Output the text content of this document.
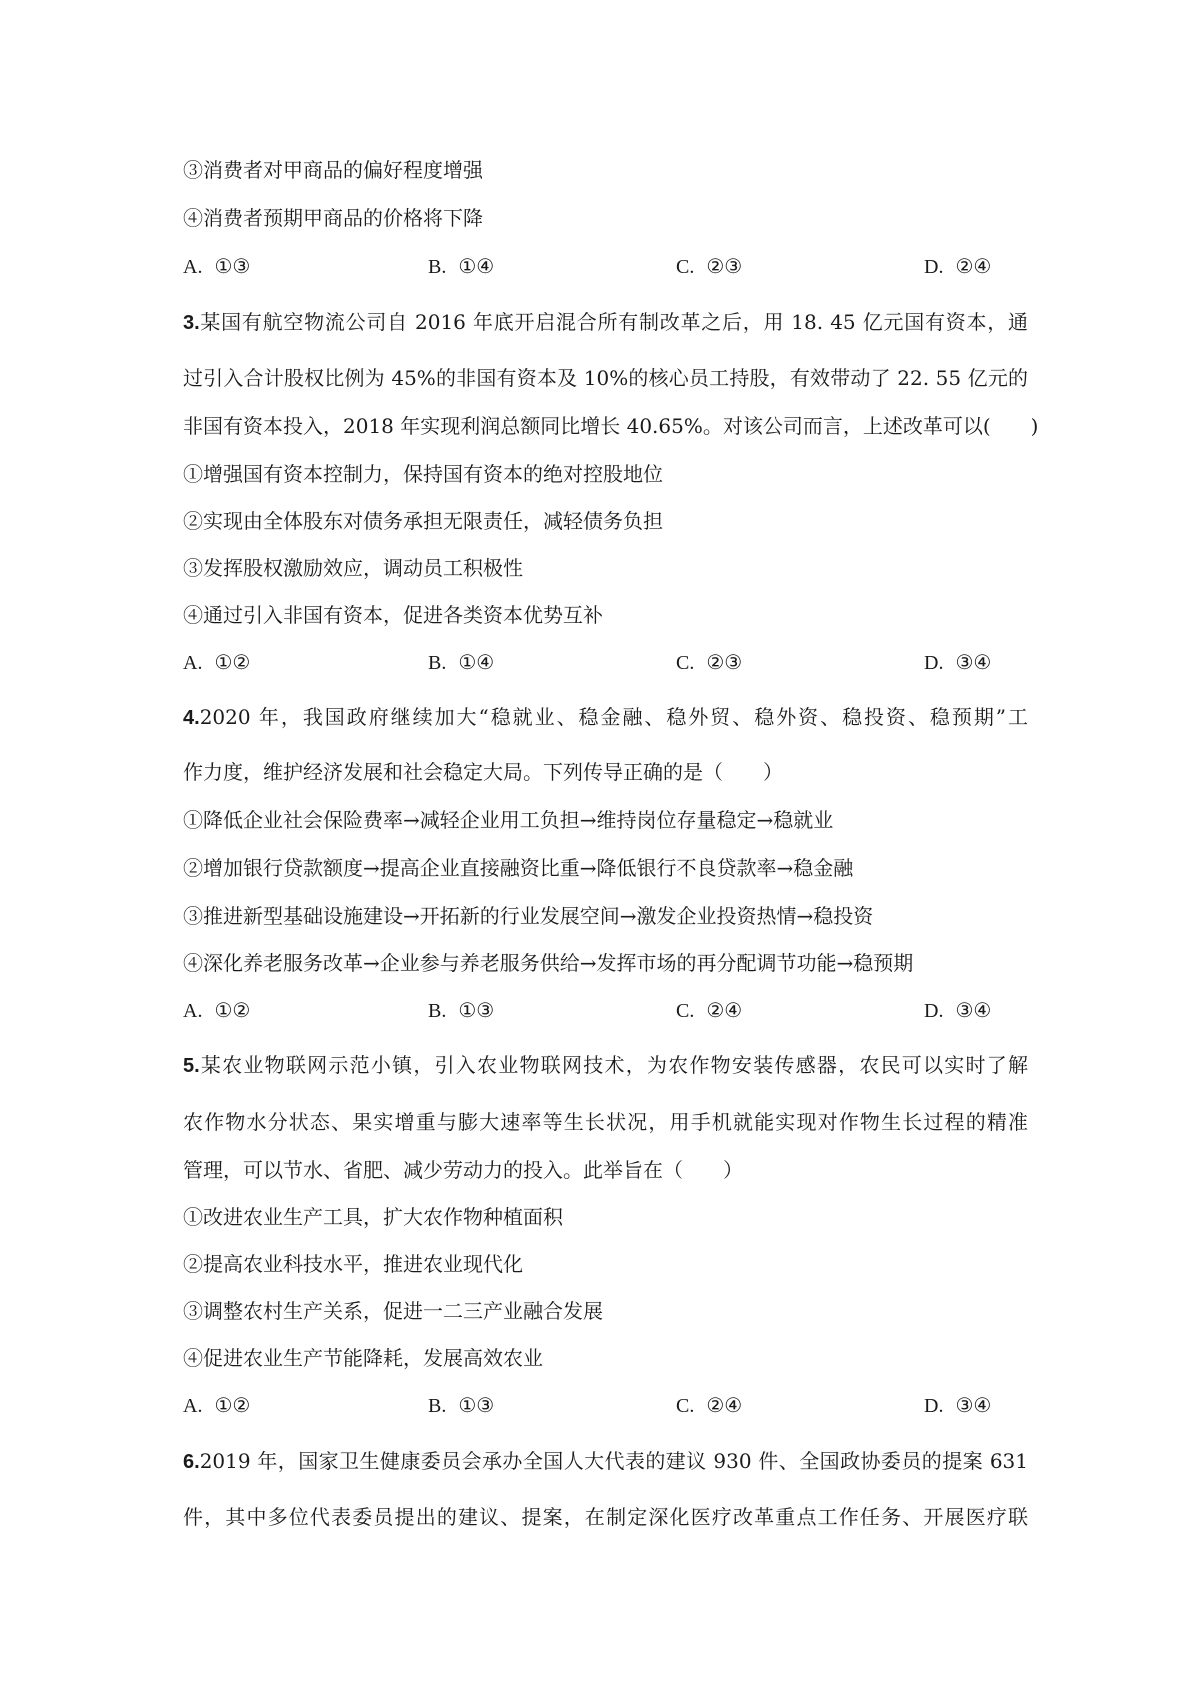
③消费者对甲商品的偏好程度增强
④消费者预期甲商品的价格将下降
A. ①③	B. ①④	C. ②③	D. ②④
3.某国有航空物流公司自 2016 年底开启混合所有制改革之后，用 18. 45 亿元国有资本，通
过引入合计股权比例为 45%的非国有资本及 10%的核心员工持股，有效带动了 22. 55 亿元的
非国有资本投入，2018 年实现利润总额同比增长 40.65%。对该公司而言，上述改革可以(　　)
①增强国有资本控制力，保持国有资本的绝对控股地位
②实现由全体股东对债务承担无限责任，减轻债务负担
③发挥股权激励效应，调动员工积极性
④通过引入非国有资本，促进各类资本优势互补
A. ①②	B. ①④	C. ②③	D. ③④
4.2020 年，我国政府继续加大“稳就业、稳金融、稳外贸、稳外资、稳投资、稳预期”工
作力度，维护经济发展和社会稳定大局。下列传导正确的是（　　）
①降低企业社会保险费率→减轻企业用工负担→维持岗位存量稳定→稳就业
②增加银行贷款额度→提高企业直接融资比重→降低银行不良贷款率→稳金融
③推进新型基础设施建设→开拓新的行业发展空间→激发企业投资热情→稳投资
④深化养老服务改革→企业参与养老服务供给→发挥市场的再分配调节功能→稳预期
A. ①②	B. ①③	C. ②④	D. ③④
5.某农业物联网示范小镇，引入农业物联网技术，为农作物安装传感器，农民可以实时了解
农作物水分状态、果实增重与膨大速率等生长状况，用手机就能实现对作物生长过程的精准
管理，可以节水、省肥、减少劳动力的投入。此举旨在（　　）
①改进农业生产工具，扩大农作物种植面积
②提高农业科技水平，推进农业现代化
③调整农村生产关系，促进一二三产业融合发展
④促进农业生产节能降耗，发展高效农业
A. ①②	B. ①③	C. ②④	D. ③④
6.2019 年，国家卫生健康委员会承办全国人大代表的建议 930 件、全国政协委员的提案 631
件，其中多位代表委员提出的建议、提案，在制定深化医疗改革重点工作任务、开展医疗联
